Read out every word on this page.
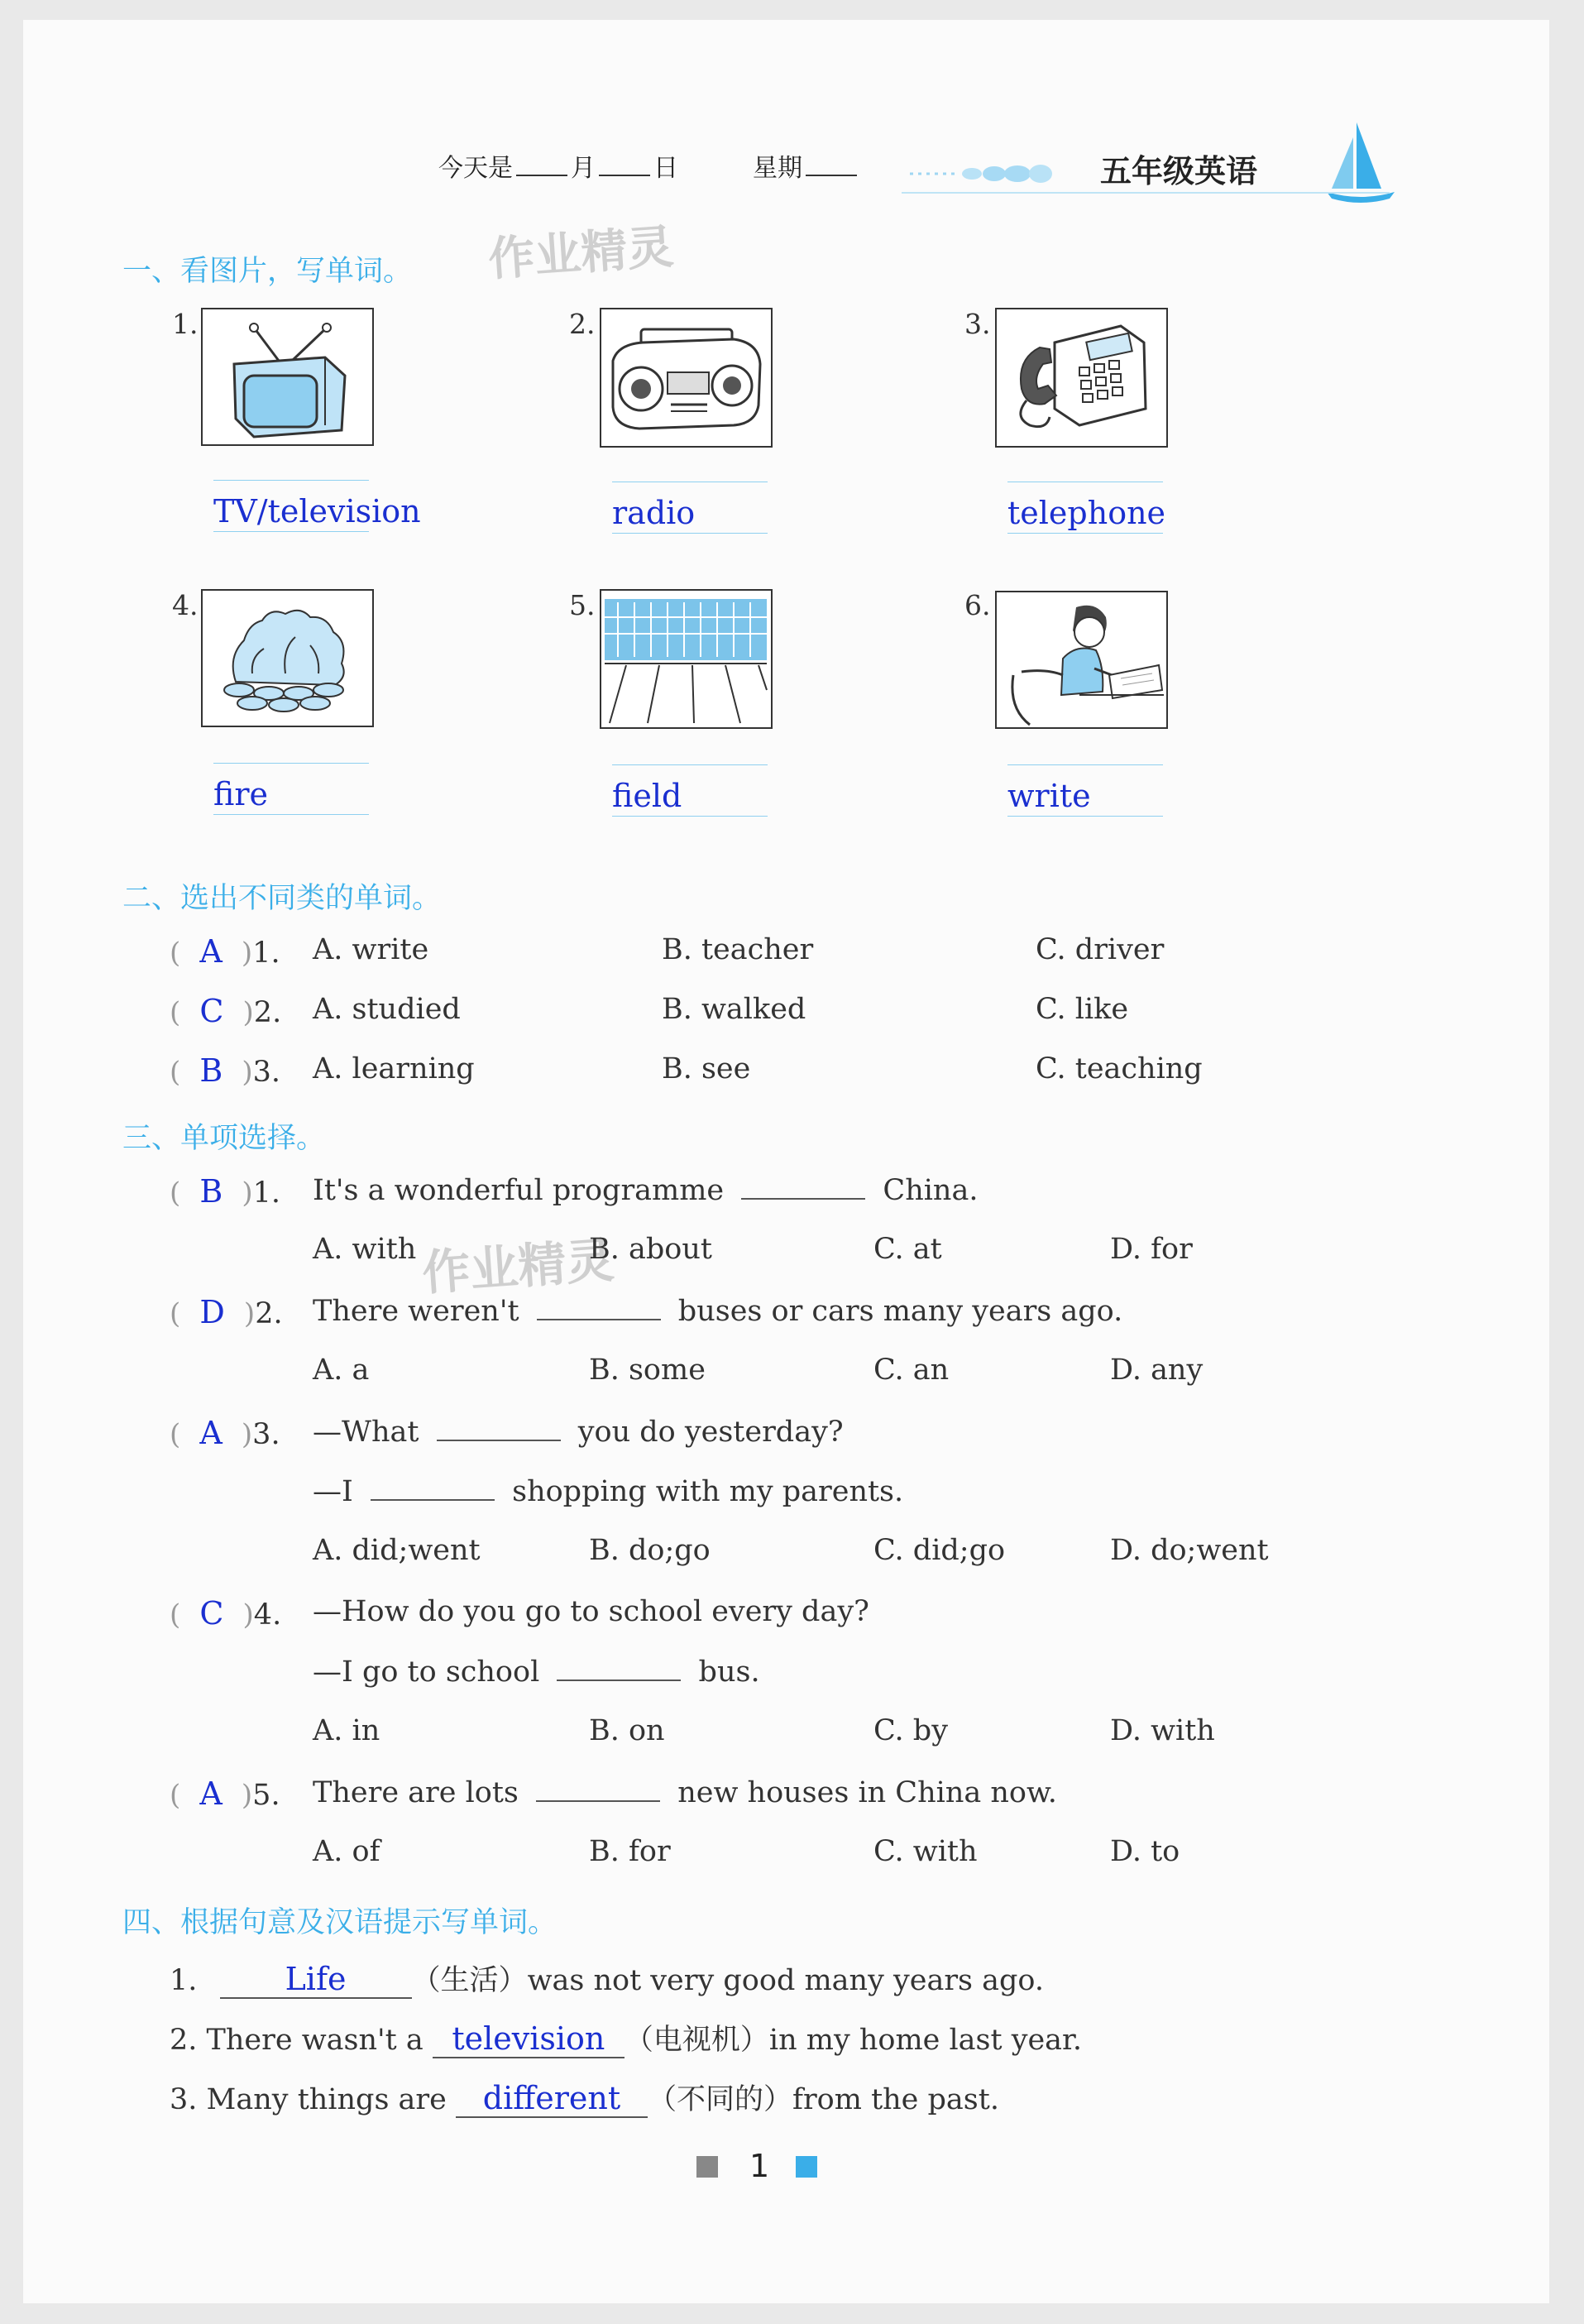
今天是 月 日	星期	五年级英语
作业精灵
作业精灵
一、看图片，写单词。
1.
TV/television
2.
radio
3.
telephone
4.
fire
5.
field
6.
write
二、选出不同类的单词。
( A )1. A. write	B. teacher	C. driver
( C )2. A. studied	B. walked	C. like
( B )3. A. learning	B. see	C. teaching
三、单项选择。
( B )1. It's a wonderful programme	China.
A. with	B. about	C. at	D. for
( D )2. There weren't	buses or cars many years ago.
A. a	B. some	C. an	D. any
( A )3. —What	you do yesterday?
—I	shopping with my parents.
A. did;went	B. do;go	C. did;go	D. do;went
( C )4. —How do you go to school every day?
—I go to school	bus.
A. in	B. on	C. by	D. with
( A )5. There are lots	new houses in China now.
A. of	B. for	C. with	D. to
四、根据句意及汉语提示写单词。
1.	Life （生活）was not very good many years ago.
2. There wasn't a television （电视机）in my home last year.
3. Many things are different （不同的）from the past.
1
